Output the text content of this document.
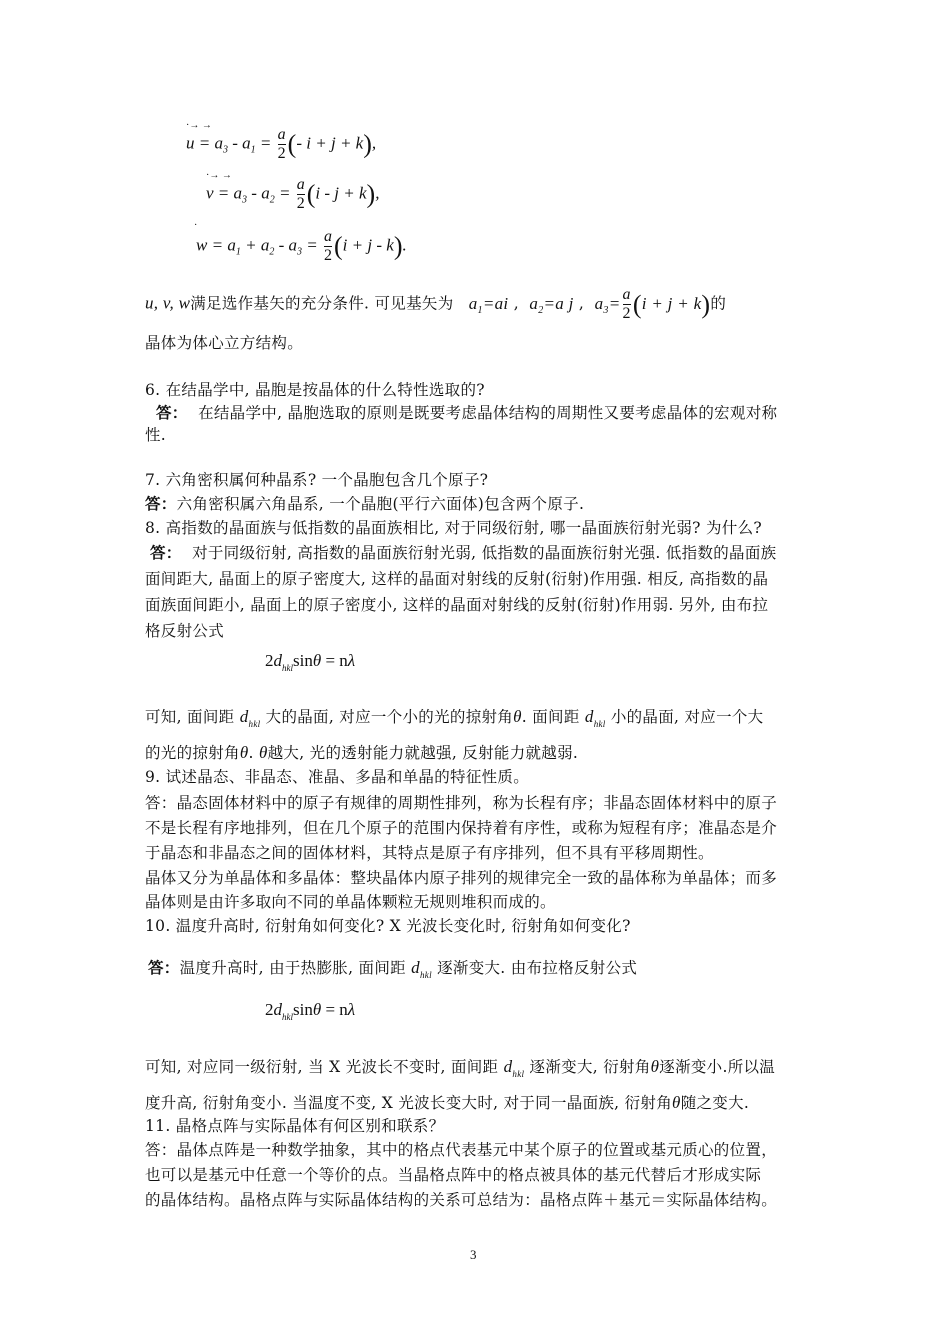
·→ →
$u = a_3 - a_1 = \frac{a}{2}$ (- i + j + k),
·→ →
$v = a_3 - a_2 = \frac{a}{2} (i - j + k)$,
·
$w = a_1 + a_2 - a_3 = \frac{a}{2} (i + j - k)$.
u, v, w满足选作基矢的充分条件. 可见基矢为 $a_1=ai$ ,  $a_2=a$ j ,  $a_3= \frac{a}{2} (i + j + k)$的
晶体为体心立方结构。
6. 在结晶学中, 晶胞是按晶体的什么特性选取的?
答： 在结晶学中, 晶胞选取的原则是既要考虑晶体结构的周期性又要考虑晶体的宏观对称
性.
7. 六角密积属何种晶系? 一个晶胞包含几个原子?
答：六角密积属六角晶系, 一个晶胞(平行六面体)包含两个原子.
8. 高指数的晶面族与低指数的晶面族相比, 对于同级衍射, 哪一晶面族衍射光弱? 为什么?
答： 对于同级衍射, 高指数的晶面族衍射光弱, 低指数的晶面族衍射光强. 低指数的晶面族
面间距大, 晶面上的原子密度大, 这样的晶面对射线的反射(衍射)作用强. 相反, 高指数的晶
面族面间距小, 晶面上的原子密度小, 这样的晶面对射线的反射(衍射)作用弱. 另外, 由布拉
格反射公式
$2d_{hkl}\sin\theta = n\lambda$
可知, 面间距 $d_{hkl}$ 大的晶面, 对应一个小的光的掠射角θ. 面间距 $d_{hkl}$ 小的晶面, 对应一个大
的光的掠射角θ. θ越大, 光的透射能力就越强, 反射能力就越弱.
9. 试述晶态、非晶态、准晶、多晶和单晶的特征性质。
答：晶态固体材料中的原子有规律的周期性排列，称为长程有序；非晶态固体材料中的原子
不是长程有序地排列，但在几个原子的范围内保持着有序性，或称为短程有序；准晶态是介
于晶态和非晶态之间的固体材料，其特点是原子有序排列，但不具有平移周期性。
晶体又分为单晶体和多晶体：整块晶体内原子排列的规律完全一致的晶体称为单晶体；而多
晶体则是由许多取向不同的单晶体颗粒无规则堆积而成的。
10. 温度升高时, 衍射角如何变化? X 光波长变化时, 衍射角如何变化?
答：温度升高时, 由于热膨胀, 面间距 $d_{hkl}$ 逐渐变大. 由布拉格反射公式
$2d_{hkl}\sin\theta = n\lambda$
可知, 对应同一级衍射, 当 X 光波长不变时, 面间距 $d_{hkl}$ 逐渐变大, 衍射角θ逐渐变小.所以温
度升高, 衍射角变小. 当温度不变, X 光波长变大时, 对于同一晶面族, 衍射角θ随之变大.
11. 晶格点阵与实际晶体有何区别和联系？
答：晶体点阵是一种数学抽象，其中的格点代表基元中某个原子的位置或基元质心的位置，
也可以是基元中任意一个等价的点。当晶格点阵中的格点被具体的基元代替后才形成实际
的晶体结构。晶格点阵与实际晶体结构的关系可总结为：晶格点阵＋基元＝实际晶体结构。
3
